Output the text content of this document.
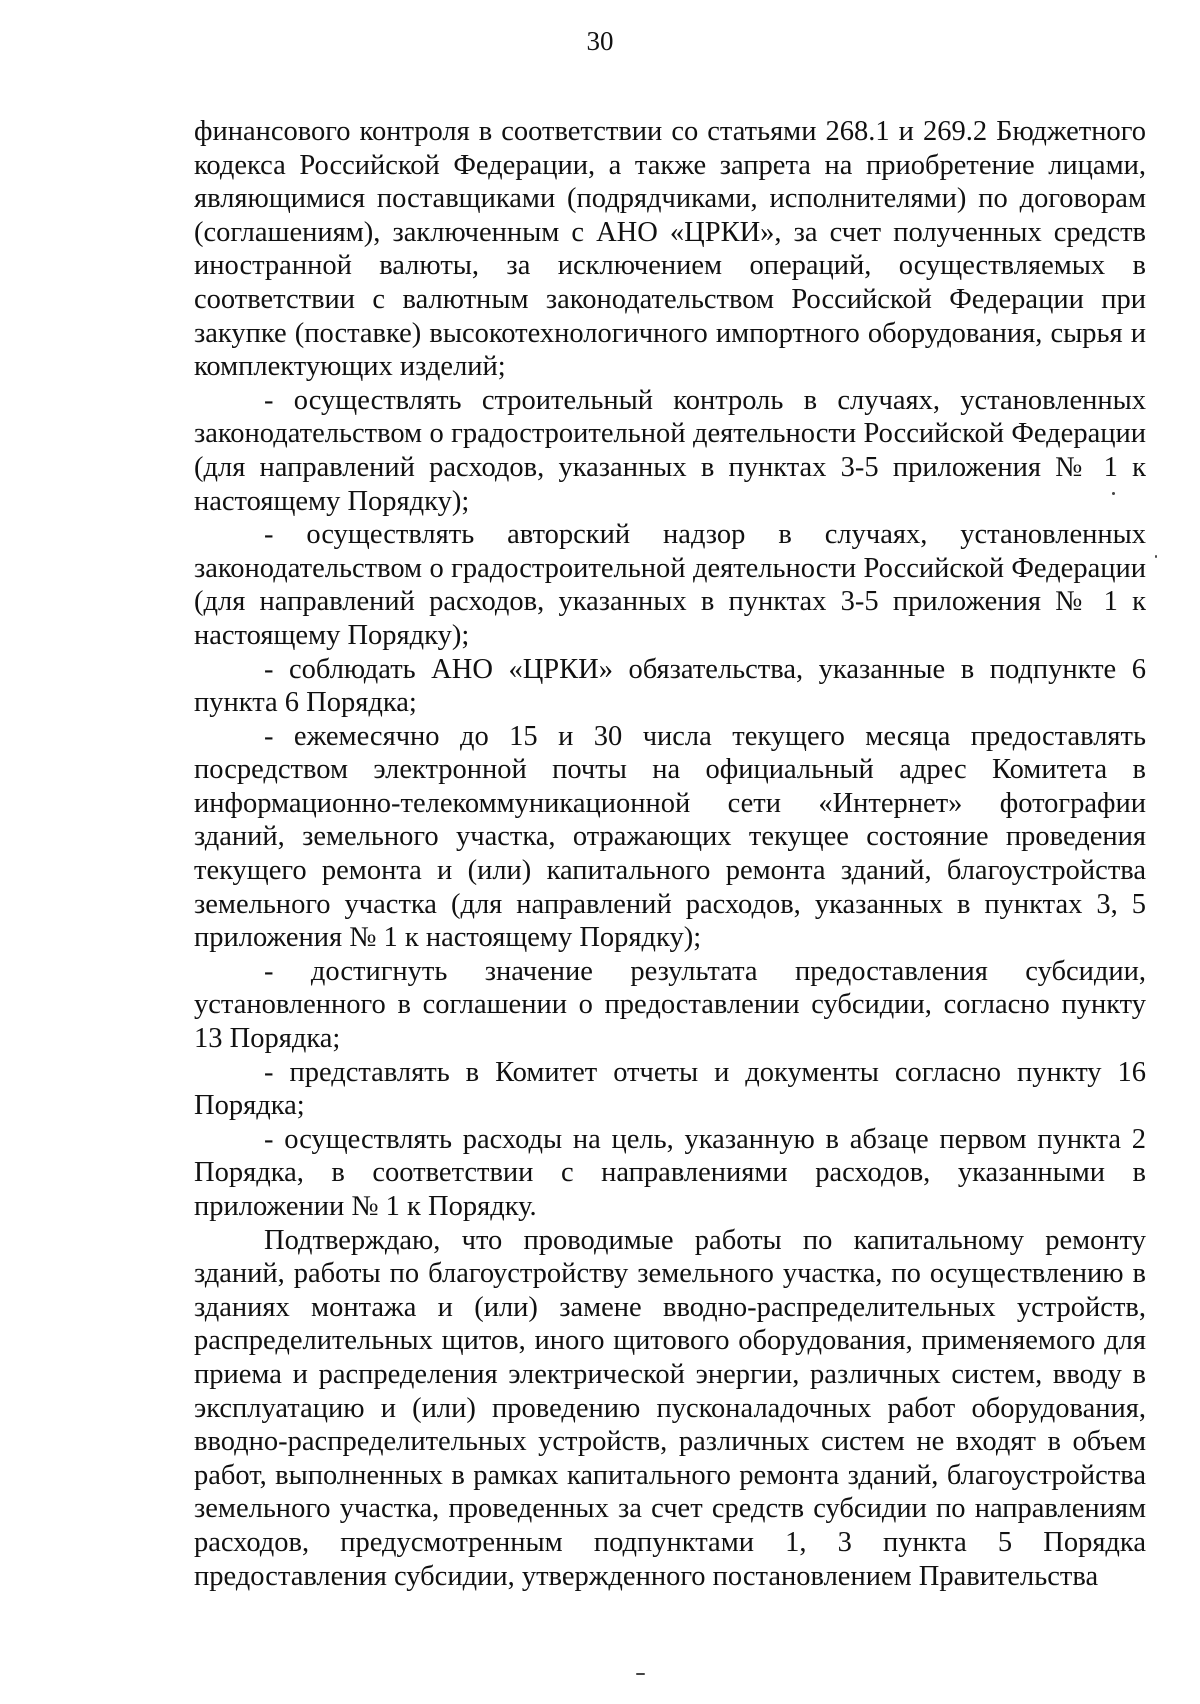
30

финансового контроля в соответствии со статьями 268.1 и 269.2 Бюджетного кодекса Российской Федерации, а также запрета на приобретение лицами, являющимися поставщиками (подрядчиками, исполнителями) по договорам (соглашениям), заключенным с АНО «ЦРКИ», за счет полученных средств иностранной валюты, за исключением операций, осуществляемых в соответствии с валютным законодательством Российской Федерации при закупке (поставке) высокотехнологичного импортного оборудования, сырья и комплектующих изделий;

- осуществлять строительный контроль в случаях, установленных законодательством о градостроительной деятельности Российской Федерации (для направлений расходов, указанных в пунктах 3-5 приложения № 1 к настоящему Порядку);

- осуществлять авторский надзор в случаях, установленных законодательством о градостроительной деятельности Российской Федерации (для направлений расходов, указанных в пунктах 3-5 приложения № 1 к настоящему Порядку);

- соблюдать АНО «ЦРКИ» обязательства, указанные в подпункте 6 пункта 6 Порядка;

- ежемесячно до 15 и 30 числа текущего месяца предоставлять посредством электронной почты на официальный адрес Комитета в информационно-телекоммуникационной сети «Интернет» фотографии зданий, земельного участка, отражающих текущее состояние проведения текущего ремонта и (или) капитального ремонта зданий, благоустройства земельного участка (для направлений расходов, указанных в пунктах 3, 5 приложения № 1 к настоящему Порядку);

- достигнуть значение результата предоставления субсидии, установленного в соглашении о предоставлении субсидии, согласно пункту 13 Порядка;

- представлять в Комитет отчеты и документы согласно пункту 16 Порядка;

- осуществлять расходы на цель, указанную в абзаце первом пункта 2 Порядка, в соответствии с направлениями расходов, указанными в приложении № 1 к Порядку.

Подтверждаю, что проводимые работы по капитальному ремонту зданий, работы по благоустройству земельного участка, по осуществлению в зданиях монтажа и (или) замене вводно-распределительных устройств, распределительных щитов, иного щитового оборудования, применяемого для приема и распределения электрической энергии, различных систем, вводу в эксплуатацию и (или) проведению пусконаладочных работ оборудования, вводно-распределительных устройств, различных систем не входят в объем работ, выполненных в рамках капитального ремонта зданий, благоустройства земельного участка, проведенных за счет средств субсидии по направлениям расходов, предусмотренным подпунктами 1, 3 пункта 5 Порядка предоставления субсидии, утвержденного постановлением Правительства
